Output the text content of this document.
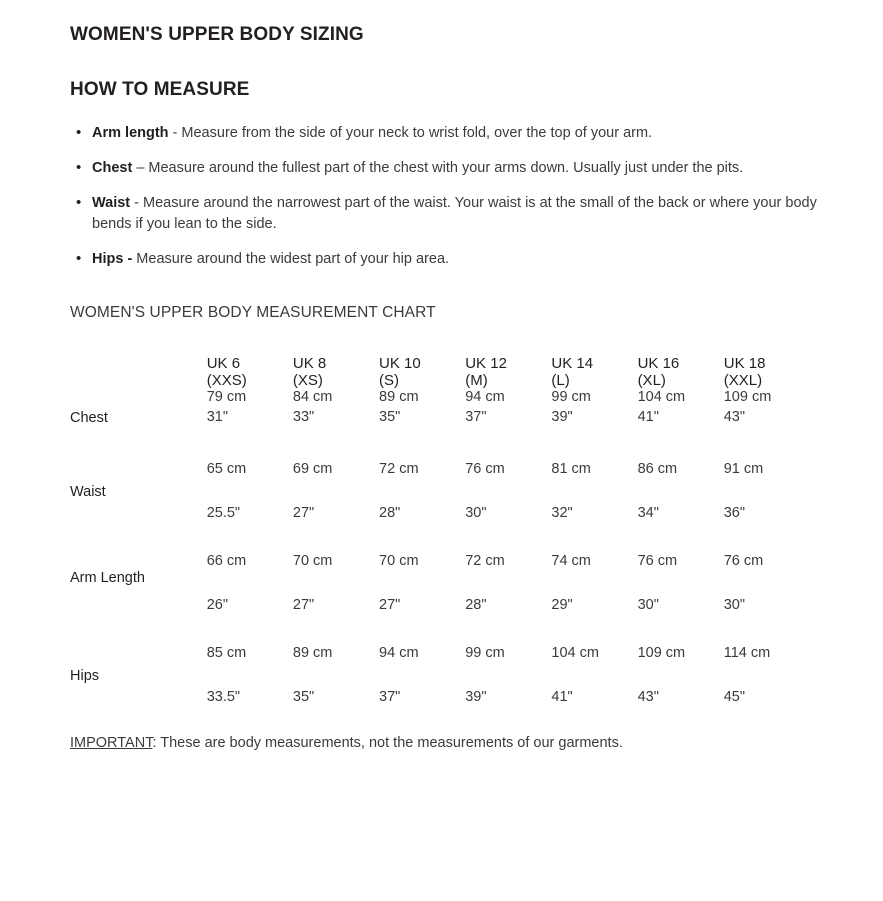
WOMEN'S UPPER BODY SIZING
HOW TO MEASURE
• Arm length - Measure from the side of your neck to wrist fold, over the top of your arm.
• Chest – Measure around the fullest part of the chest with your arms down. Usually just under the pits.
• Waist - Measure around the narrowest part of the waist. Your waist is at the small of the back or where your body bends if you lean to the side.
• Hips - Measure around the widest part of your hip area.
WOMEN'S UPPER BODY MEASUREMENT CHART
	UK 6	UK 8	UK 10	UK 12	UK 14	UK 16	UK 18
	(XXS)	(XS)	(S)	(M)	(L)	(XL)	(XXL)

Chest	79 cm	84 cm	89 cm	94 cm	99 cm	104 cm	109 cm
	31"	33"	35"	37"	39"	41"	43"

Waist	65 cm	69 cm	72 cm	76 cm	81 cm	86 cm	91 cm

	25.5"	27"	28"	30"	32"	34"	36"

Arm Length	66 cm	70 cm	70 cm	72 cm	74 cm	76 cm	76 cm

	26"	27"	27"	28"	29"	30"	30"

Hips	85 cm	89 cm	94 cm	99 cm	104 cm	109 cm	114 cm

	33.5"	35"	37"	39"	41"	43"	45"
IMPORTANT: These are body measurements, not the measurements of our garments.
